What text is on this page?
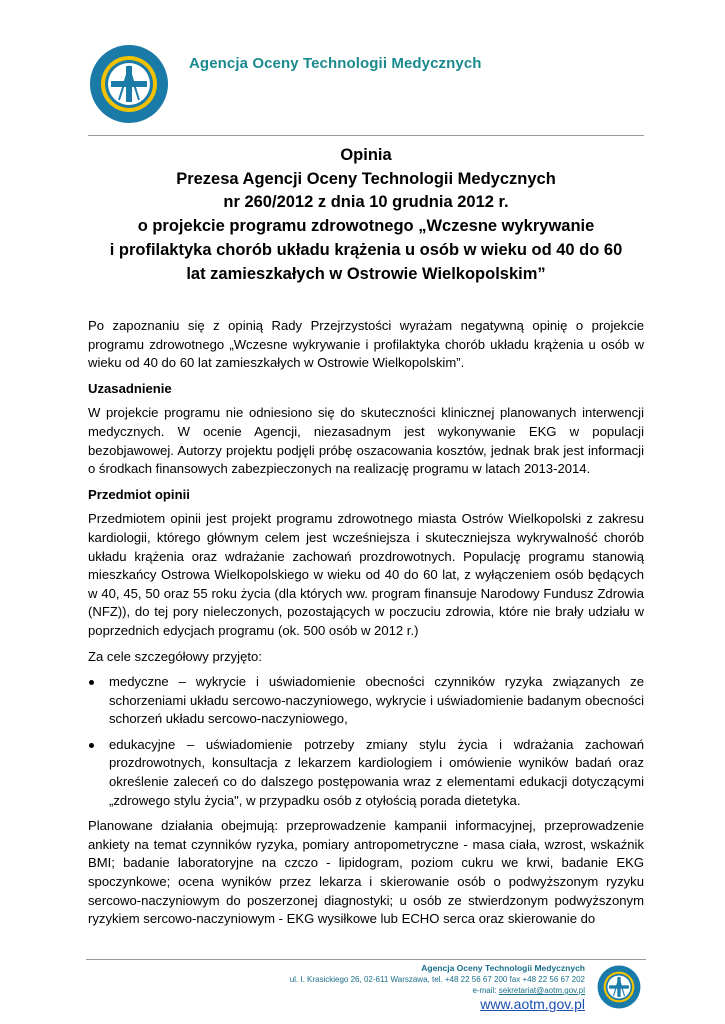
Agencja Oceny Technologii Medycznych
Opinia
Prezesa Agencji Oceny Technologii Medycznych
nr 260/2012 z dnia 10 grudnia 2012 r.
o projekcie programu zdrowotnego „Wczesne wykrywanie
i profilaktyka chorób układu krążenia u osób w wieku od 40 do 60
lat zamieszkałych w Ostrowie Wielkopolskim”

Po zapoznaniu się z opinią Rady Przejrzystości wyrażam negatywną opinię o projekcie programu zdrowotnego „Wczesne wykrywanie i profilaktyka chorób układu krążenia u osób w wieku od 40 do 60 lat zamieszkałych w Ostrowie Wielkopolskim”.

Uzasadnienie

W projekcie programu nie odniesiono się do skuteczności klinicznej planowanych interwencji medycznych. W ocenie Agencji, niezasadnym jest wykonywanie EKG w populacji bezobjawowej. Autorzy projektu podjęli próbę oszacowania kosztów, jednak brak jest informacji o środkach finansowych zabezpieczonych na realizację programu w latach 2013-2014.

Przedmiot opinii

Przedmiotem opinii jest projekt programu zdrowotnego miasta Ostrów Wielkopolski z zakresu kardiologii, którego głównym celem jest wcześniejsza i skuteczniejsza wykrywalność chorób układu krążenia oraz wdrażanie zachowań prozdrowotnych. Populację programu stanowią mieszkańcy Ostrowa Wielkopolskiego w wieku od 40 do 60 lat, z wyłączeniem osób będących w 40, 45, 50 oraz 55 roku życia (dla których ww. program finansuje Narodowy Fundusz Zdrowia (NFZ)), do tej pory nieleczonych, pozostających w poczuciu zdrowia, które nie brały udziału w poprzednich edycjach programu (ok. 500 osób w 2012 r.)

Za cele szczegółowy przyjęto:

medyczne – wykrycie i uświadomienie obecności czynników ryzyka związanych ze schorzeniami układu sercowo-naczyniowego, wykrycie i uświadomienie badanym obecności schorzeń układu sercowo-naczyniowego,
edukacyjne – uświadomienie potrzeby zmiany stylu życia i wdrażania zachowań prozdrowotnych, konsultacja z lekarzem kardiologiem i omówienie wyników badań oraz określenie zaleceń co do dalszego postępowania wraz z elementami edukacji dotyczącymi „zdrowego stylu życia", w przypadku osób z otyłością porada dietetyka.

Planowane działania obejmują: przeprowadzenie kampanii informacyjnej, przeprowadzenie ankiety na temat czynników ryzyka, pomiary antropometryczne - masa ciała, wzrost, wskaźnik BMI; badanie laboratoryjne na czczo - lipidogram, poziom cukru we krwi, badanie EKG spoczynkowe; ocena wyników przez lekarza i skierowanie osób o podwyższonym ryzyku sercowo-naczyniowym do poszerzonej diagnostyki; u osób ze stwierdzonym podwyższonym ryzykiem sercowo-naczyniowym - EKG wysiłkowe lub ECHO serca oraz skierowanie do

Agencja Oceny Technologii Medycznych
ul. I. Krasickiego 26, 02-611 Warszawa, tel. +48 22 56 67 200 fax +48 22 56 67 202
e-mail: sekretariat@aotm.gov.pl
www.aotm.gov.pl
